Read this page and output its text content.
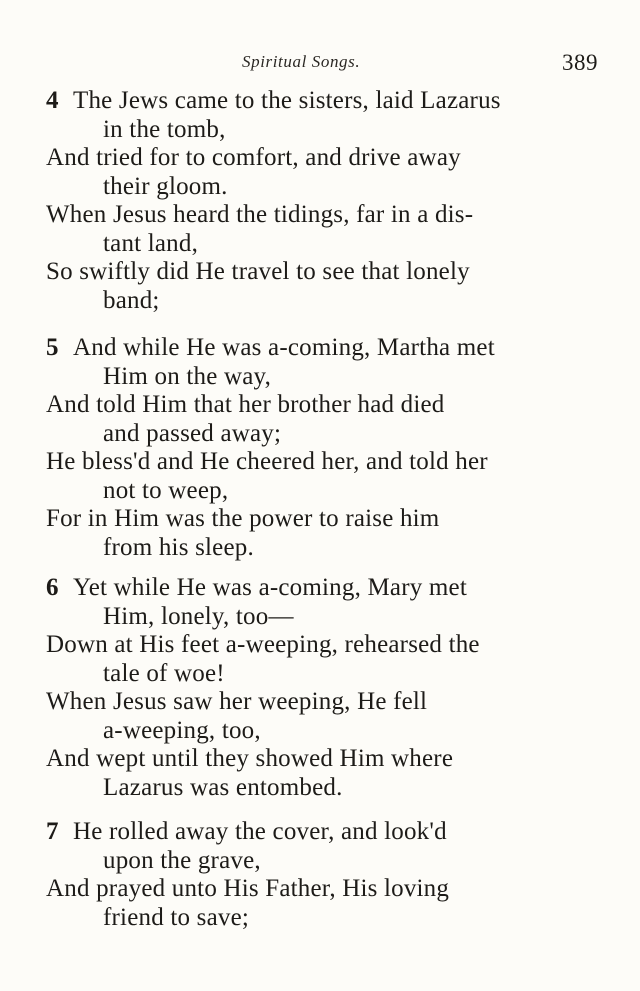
Spiritual Songs.	389
4 The Jews came to the sisters, laid Lazarus
in the tomb,
And tried for to comfort, and drive away
their gloom.
When Jesus heard the tidings, far in a dis-
tant land,
So swiftly did He travel to see that lonely
band;
5 And while He was a-coming, Martha met
Him on the way,
And told Him that her brother had died
and passed away;
He bless'd and He cheered her, and told her
not to weep,
For in Him was the power to raise him
from his sleep.
6 Yet while He was a-coming, Mary met
Him, lonely, too—
Down at His feet a-weeping, rehearsed the
tale of woe!
When Jesus saw her weeping, He fell
a-weeping, too,
And wept until they showed Him where
Lazarus was entombed.
7 He rolled away the cover, and look'd
upon the grave,
And prayed unto His Father, His loving
friend to save;
